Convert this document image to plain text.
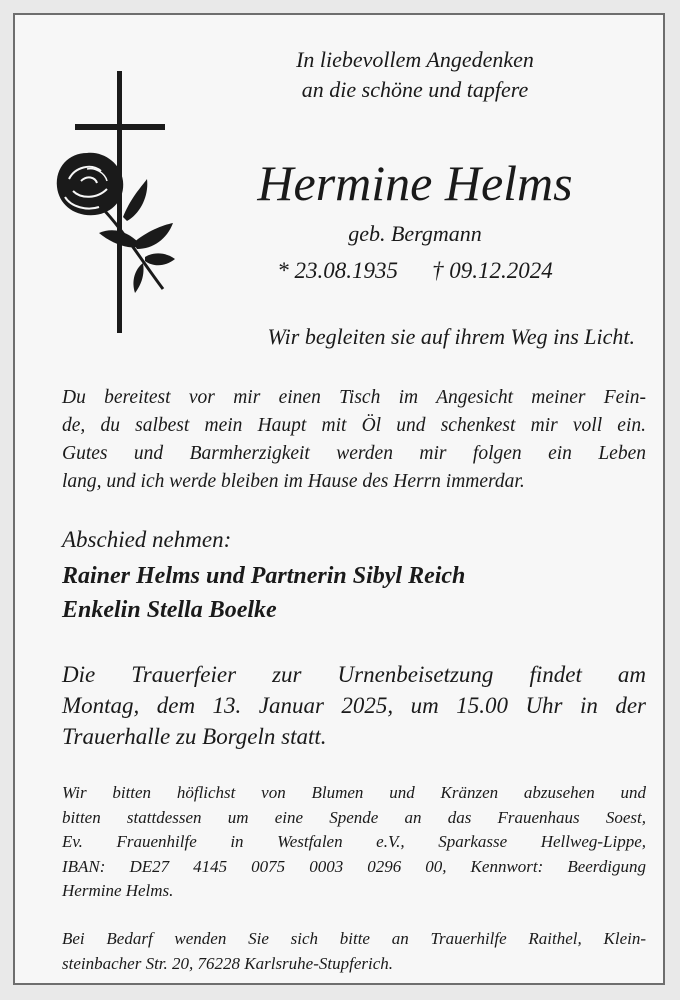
In liebevollem Angedenken
an die schöne und tapfere
Hermine Helms
geb. Bergmann
* 23.08.1935 † 09.12.2024
Wir begleiten sie auf ihrem Weg ins Licht.
Du bereitest vor mir einen Tisch im Angesicht meiner Fein-
de, du salbest mein Haupt mit Öl und schenkest mir voll ein.
Gutes und Barmherzigkeit werden mir folgen ein Leben
lang, und ich werde bleiben im Hause des Herrn immerdar.
Abschied nehmen:
Rainer Helms und Partnerin Sibyl Reich
Enkelin Stella Boelke
Die Trauerfeier zur Urnenbeisetzung findet am
Montag, dem 13. Januar 2025, um 15.00 Uhr in der
Trauerhalle zu Borgeln statt.
Wir bitten höflichst von Blumen und Kränzen abzusehen und
bitten stattdessen um eine Spende an das Frauenhaus Soest,
Ev. Frauenhilfe in Westfalen e.V., Sparkasse Hellweg-Lippe,
IBAN: DE27 4145 0075 0003 0296 00, Kennwort: Beerdigung
Hermine Helms.
Bei Bedarf wenden Sie sich bitte an Trauerhilfe Raithel, Klein-
steinbacher Str. 20, 76228 Karlsruhe-Stupferich.
